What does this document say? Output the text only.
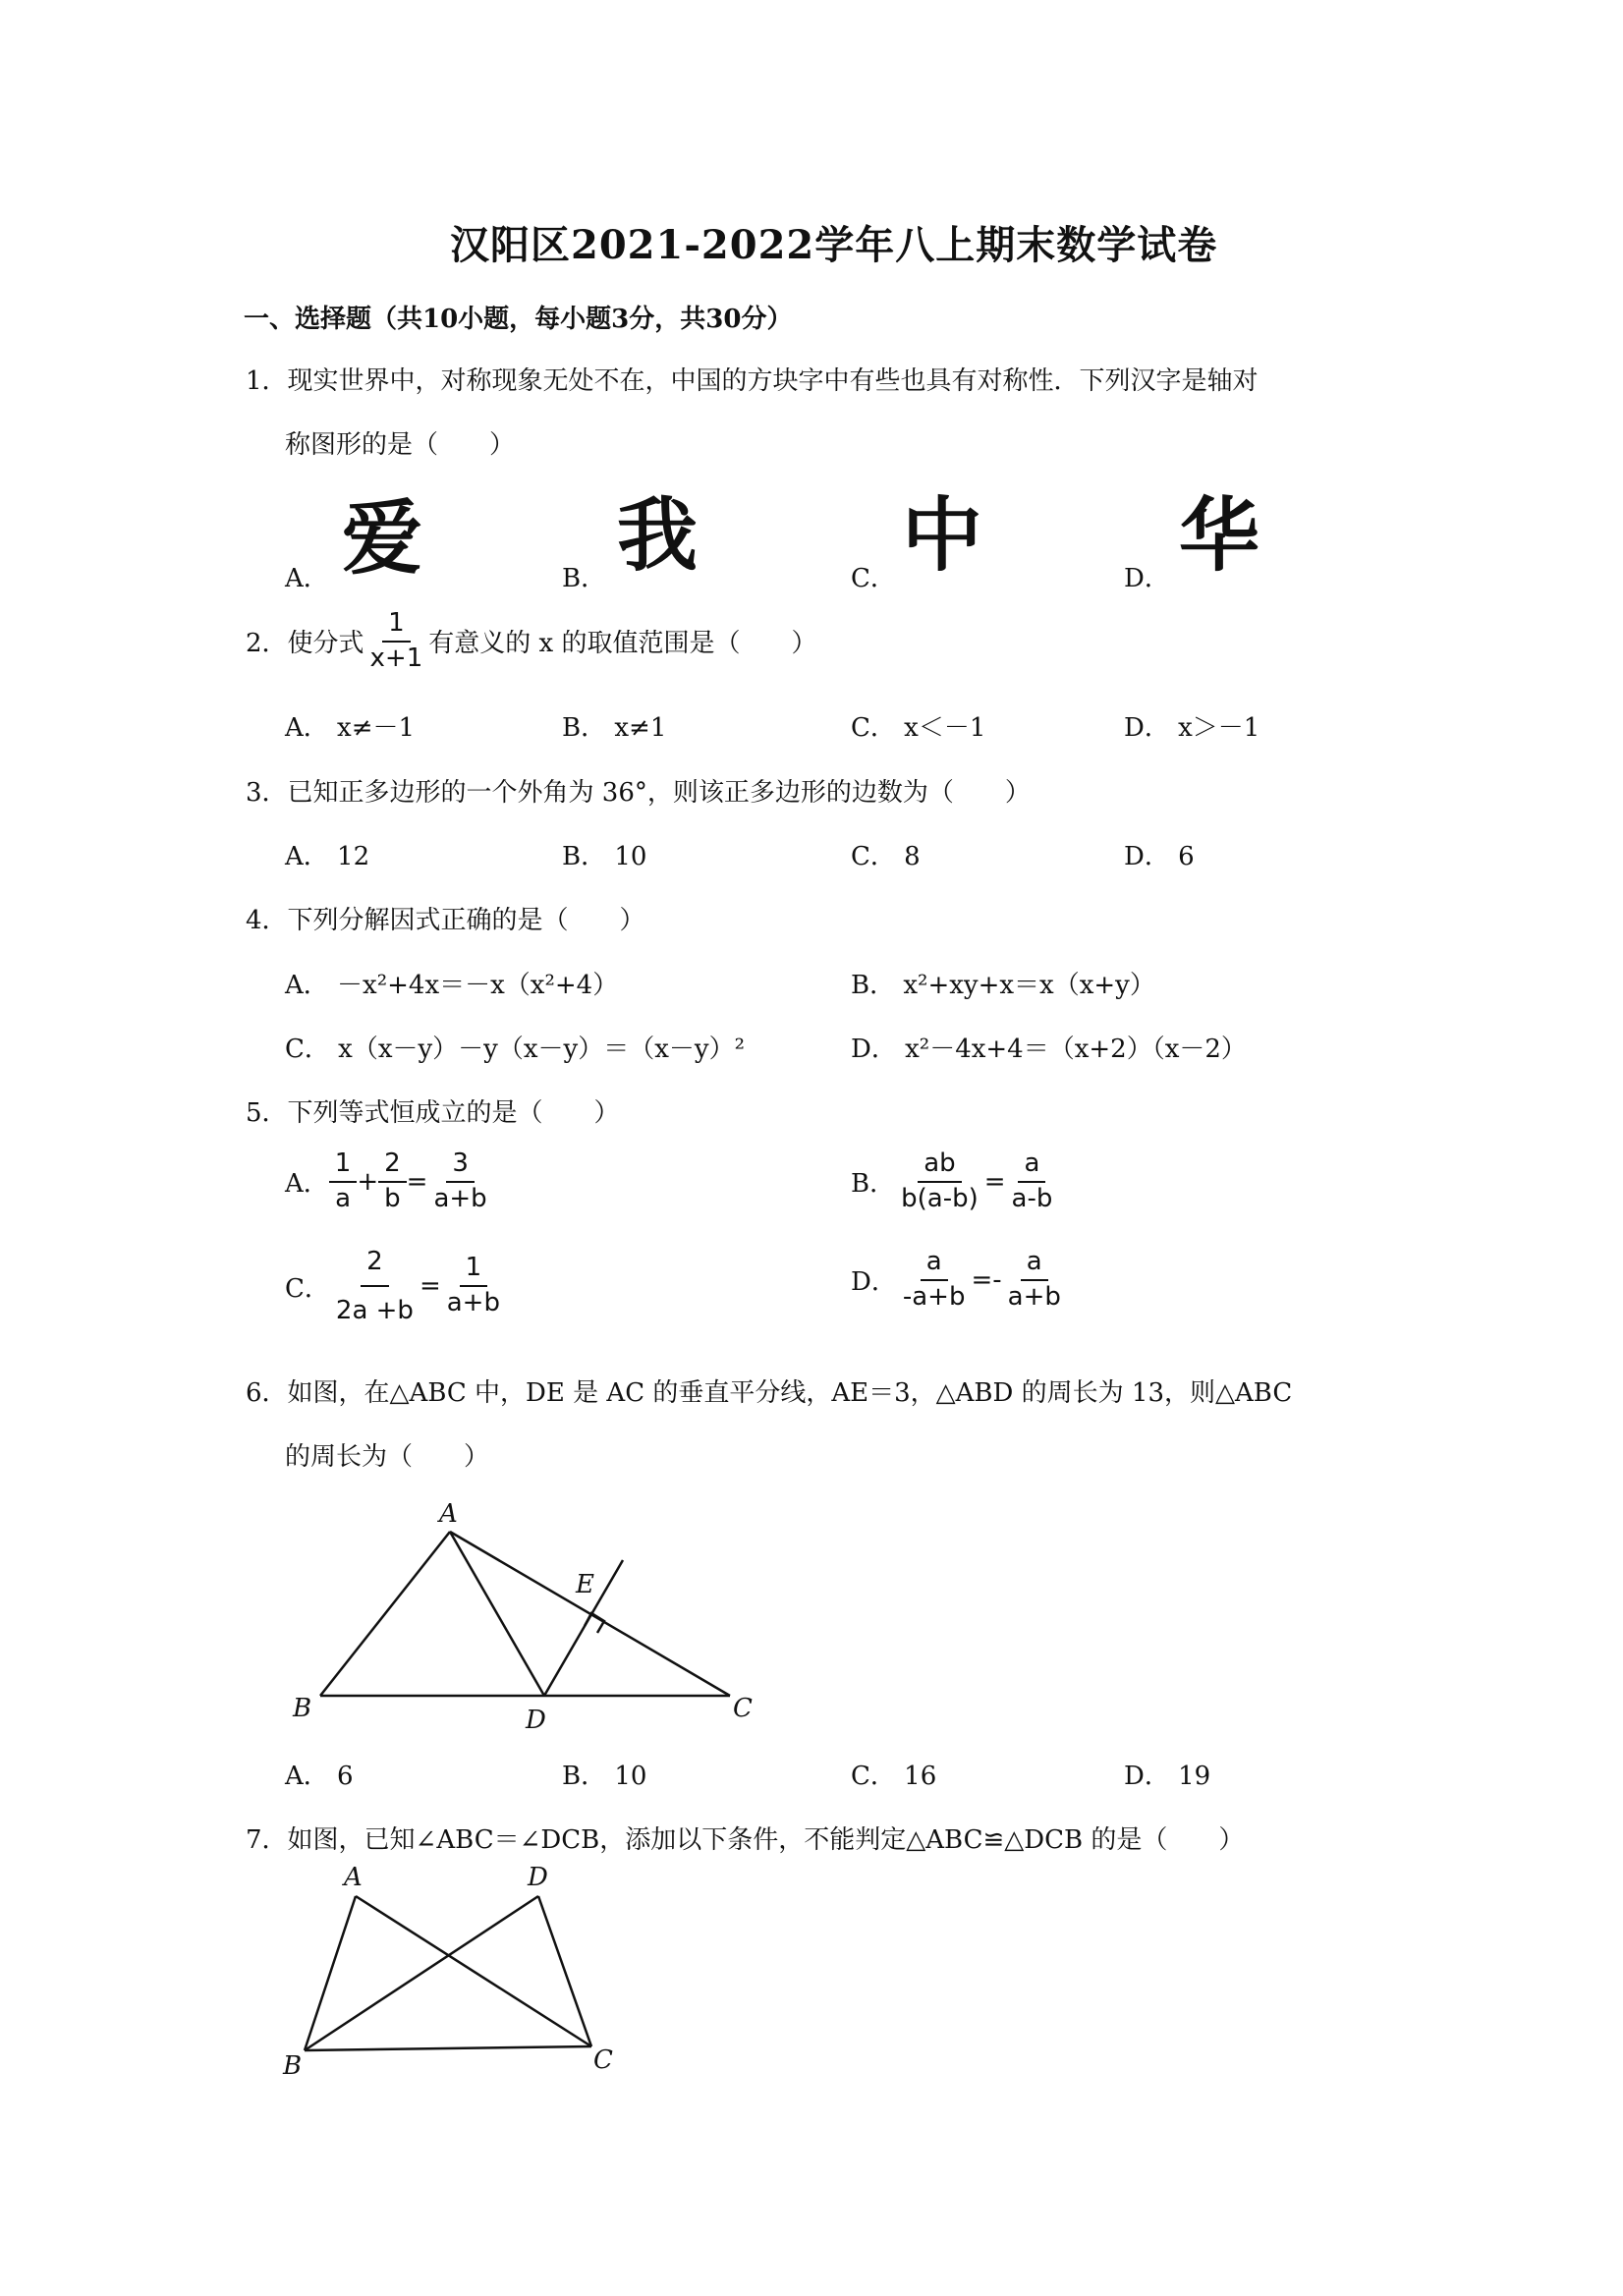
汉阳区2021-2022学年八上期末数学试卷
一、选择题（共10小题，每小题3分，共30分）
1．现实世界中，对称现象无处不在，中国的方块字中有些也具有对称性．下列汉字是轴对
称图形的是（　　）
A． 爱	B． 我	C． 中	D． 华
2．使分式 $\frac{1}{x+1}$ 有意义的 x 的取值范围是（　　）
A． x≠－1	B． x≠1	C． x＜－1	D． x＞－1
3．已知正多边形的一个外角为 36°，则该正多边形的边数为（　　）
A． 12	B． 10	C． 8	D． 6
4．下列分解因式正确的是（　　）
A． －x²+4x＝－x（x²+4）	B． x²+xy+x＝x（x+y）
C． x（x－y）－y（x－y）＝（x－y）²	D． x²－4x+4＝（x+2）（x－2）
5．下列等式恒成立的是（　　）
A． $\frac{1}{a} + \frac{2}{b} = \frac{3}{a+b}$	B． $\frac{ab}{b(a-b)} = \frac{a}{a-b}$
C． $\frac{2}{2a +b} = \frac{1}{a+b}$	D． $\frac{a}{-a+b} =- \frac{a}{a+b}$
6．如图，在△ABC 中，DE 是 AC 的垂直平分线，AE＝3，△ABD 的周长为 13，则△ABC
的周长为（　　）
A
B	C
D
E
A． 6	B． 10	C． 16	D． 19
7．如图，已知∠ABC＝∠DCB，添加以下条件，不能判定△ABC≌△DCB 的是（　　）
A	D
B	C
